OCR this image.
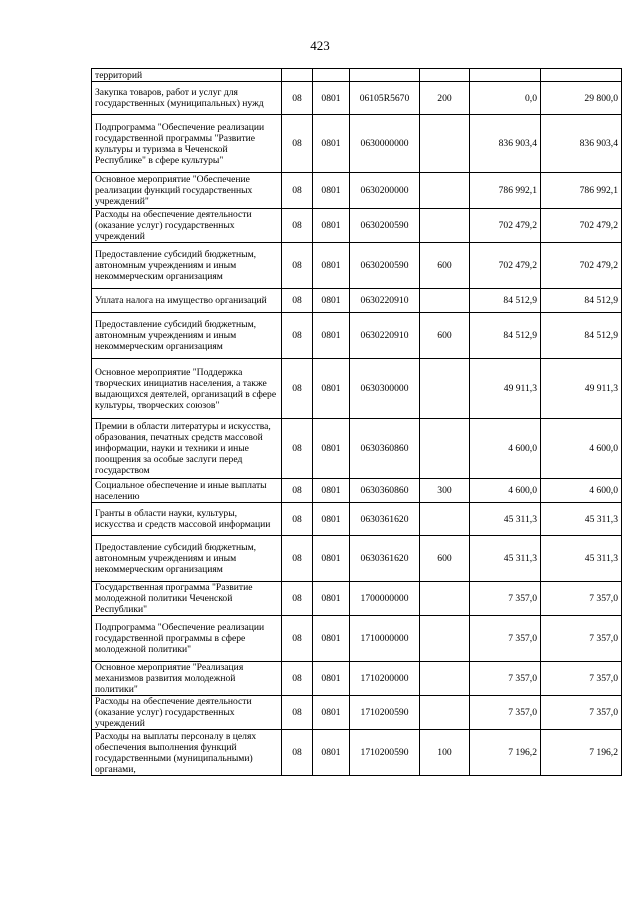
423
территорий						
Закупка товаров, работ и услуг для государственных (муниципальных) нужд	08	0801	06105R5670	200	0,0	29 800,0
Подпрограмма "Обеспечение реализации государственной программы "Развитие культуры и туризма в Чеченской Республике" в сфере культуры"	08	0801	0630000000		836 903,4	836 903,4
Основное мероприятие "Обеспечение реализации функций государственных учреждений"	08	0801	0630200000		786 992,1	786 992,1
Расходы на обеспечение деятельности (оказание услуг) государственных учреждений	08	0801	0630200590		702 479,2	702 479,2
Предоставление субсидий бюджетным, автономным учреждениям и иным некоммерческим организациям	08	0801	0630200590	600	702 479,2	702 479,2
Уплата налога на имущество организаций	08	0801	0630220910		84 512,9	84 512,9
Предоставление субсидий бюджетным, автономным учреждениям и иным некоммерческим организациям	08	0801	0630220910	600	84 512,9	84 512,9
Основное мероприятие "Поддержка творческих инициатив населения, а также выдающихся деятелей, организаций в сфере культуры, творческих союзов"	08	0801	0630300000		49 911,3	49 911,3
Премии в области литературы и искусства, образования, печатных средств массовой информации, науки и техники и иные поощрения за особые заслуги перед государством	08	0801	0630360860		4 600,0	4 600,0
Социальное обеспечение и иные выплаты населению	08	0801	0630360860	300	4 600,0	4 600,0
Гранты в области науки, культуры, искусства и средств массовой информации	08	0801	0630361620		45 311,3	45 311,3
Предоставление субсидий бюджетным, автономным учреждениям и иным некоммерческим организациям	08	0801	0630361620	600	45 311,3	45 311,3
Государственная программа "Развитие молодежной политики Чеченской Республики"	08	0801	1700000000		7 357,0	7 357,0
Подпрограмма "Обеспечение реализации государственной программы в сфере молодежной политики"	08	0801	1710000000		7 357,0	7 357,0
Основное мероприятие "Реализация механизмов развития молодежной политики"	08	0801	1710200000		7 357,0	7 357,0
Расходы на обеспечение деятельности (оказание услуг) государственных учреждений	08	0801	1710200590		7 357,0	7 357,0
Расходы на выплаты персоналу в целях обеспечения выполнения функций государственными (муниципальными) органами,	08	0801	1710200590	100	7 196,2	7 196,2
